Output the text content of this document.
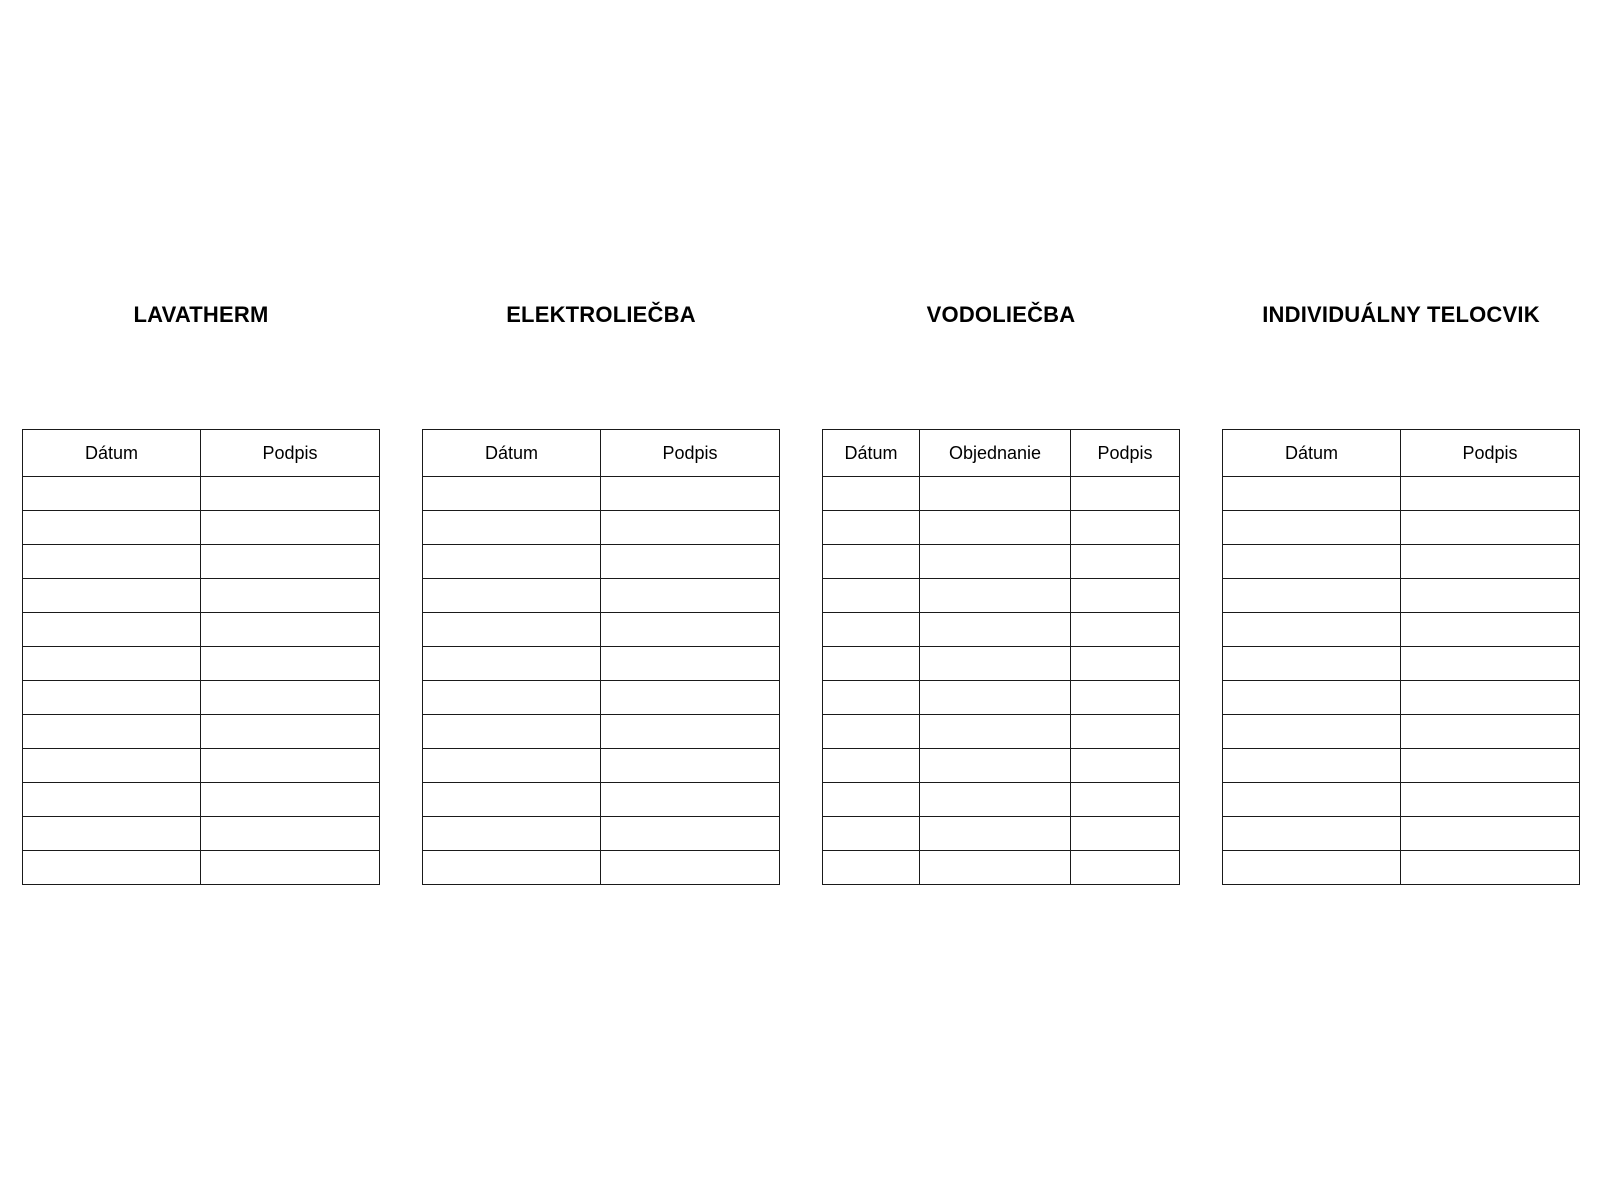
LAVATHERM	ELEKTROLIEČBA	VODOLIEČBA	INDIVIDUÁLNY TELOCVIK
Dátum	Podpis

		Dátum	Podpis

		Dátum	Objednanie	Podpis

			Dátum	Podpis
